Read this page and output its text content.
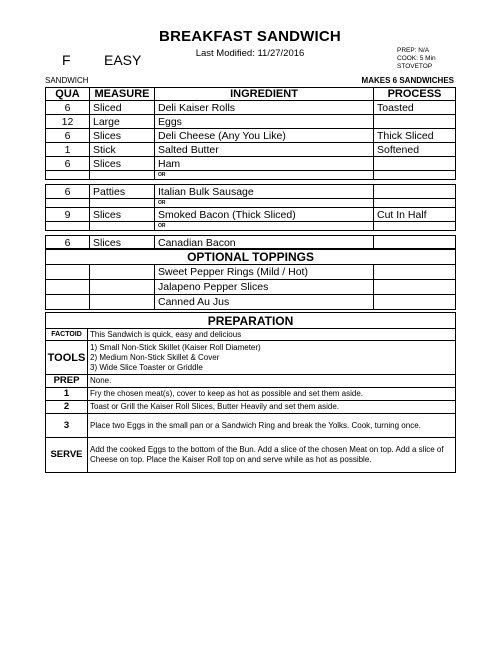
BREAKFAST SANDWICH
Last Modified: 11/27/2016
F EASY
PREP: N/A
COOK: 5 Min
STOVETOP
SANDWICH	MAKES 6 SANDWICHES
QUA	MEASURE	INGREDIENT	PROCESS
6	Sliced	Deli Kaiser Rolls	Toasted
12	Large	Eggs	
6	Slices	Deli Cheese (Any You Like)	Thick Sliced
1	Stick	Salted Butter	Softened
6	Slices	Ham	
		OR	

6	Patties	Italian Bulk Sausage	
		OR	
9	Slices	Smoked Bacon (Thick Sliced)	Cut In Half
		OR	

6	Slices	Canadian Bacon	
OPTIONAL TOPPINGS			
		Sweet Pepper Rings (Mild / Hot)	
		Jalapeno Pepper Slices	
		Canned Au Jus	
PREPARATION	
FACTOID	This Sandwich is quick, easy and delicious
TOOLS	1) Small Non-Stick Skillet (Kaiser Roll Diameter)
2) Medium Non-Stick Skillet & Cover
3) Wide Slice Toaster or Griddle

PREP	None.
1	Fry the chosen meat(s), cover to keep as hot as possible and set them aside.
2	Toast or Grill the Kaiser Roll Slices, Butter Heavily and set them aside.
3	Place two Eggs in the small pan or a Sandwich Ring and break the Yolks. Cook, turning once.
SERVE	Add the cooked Eggs to the bottom of the Bun. Add a slice of the chosen Meat on top. Add a slice of Cheese on top. Place the Kaiser Roll top on and serve while as hot as possible.
